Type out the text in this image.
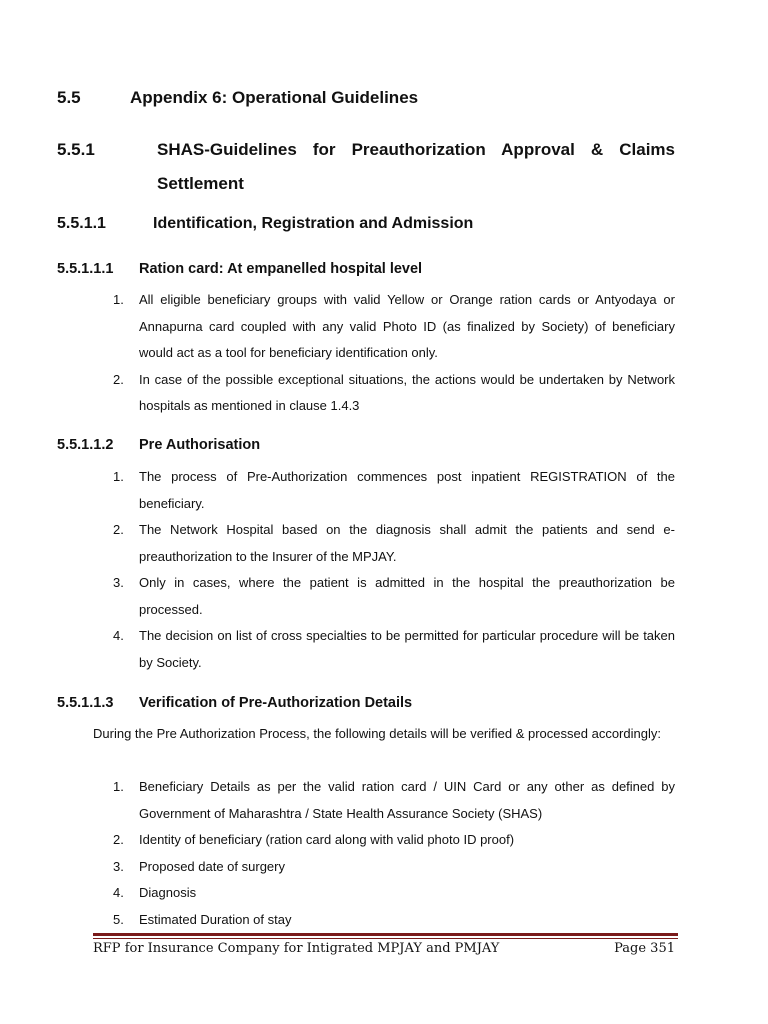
5.5	Appendix 6: Operational Guidelines
5.5.1	SHAS-Guidelines for Preauthorization Approval & Claims
Settlement
5.5.1.1	Identification, Registration and Admission
5.5.1.1.1 Ration card: At empanelled hospital level
1. All eligible beneficiary groups with valid Yellow or Orange ration cards or Antyodaya or Annapurna card coupled with any valid Photo ID (as finalized by Society) of beneficiary would act as a tool for beneficiary identification only.
2. In case of the possible exceptional situations, the actions would be undertaken by Network hospitals as mentioned in clause 1.4.3
5.5.1.1.2 Pre Authorisation
1. The process of Pre-Authorization commences post inpatient REGISTRATION of the beneficiary.
2. The Network Hospital based on the diagnosis shall admit the patients and send e-preauthorization to the Insurer of the MPJAY.
3. Only in cases, where the patient is admitted in the hospital the preauthorization be processed.
4. The decision on list of cross specialties to be permitted for particular procedure will be taken by Society.
5.5.1.1.3 Verification of Pre-Authorization Details
During the Pre Authorization Process, the following details will be verified & processed accordingly:
1. Beneficiary Details as per the valid ration card / UIN Card or any other as defined by Government of Maharashtra / State Health Assurance Society (SHAS)
2. Identity of beneficiary (ration card along with valid photo ID proof)
3. Proposed date of surgery
4. Diagnosis
5. Estimated Duration of stay
RFP for Insurance Company for Intigrated MPJAY and PMJAY	Page 351
